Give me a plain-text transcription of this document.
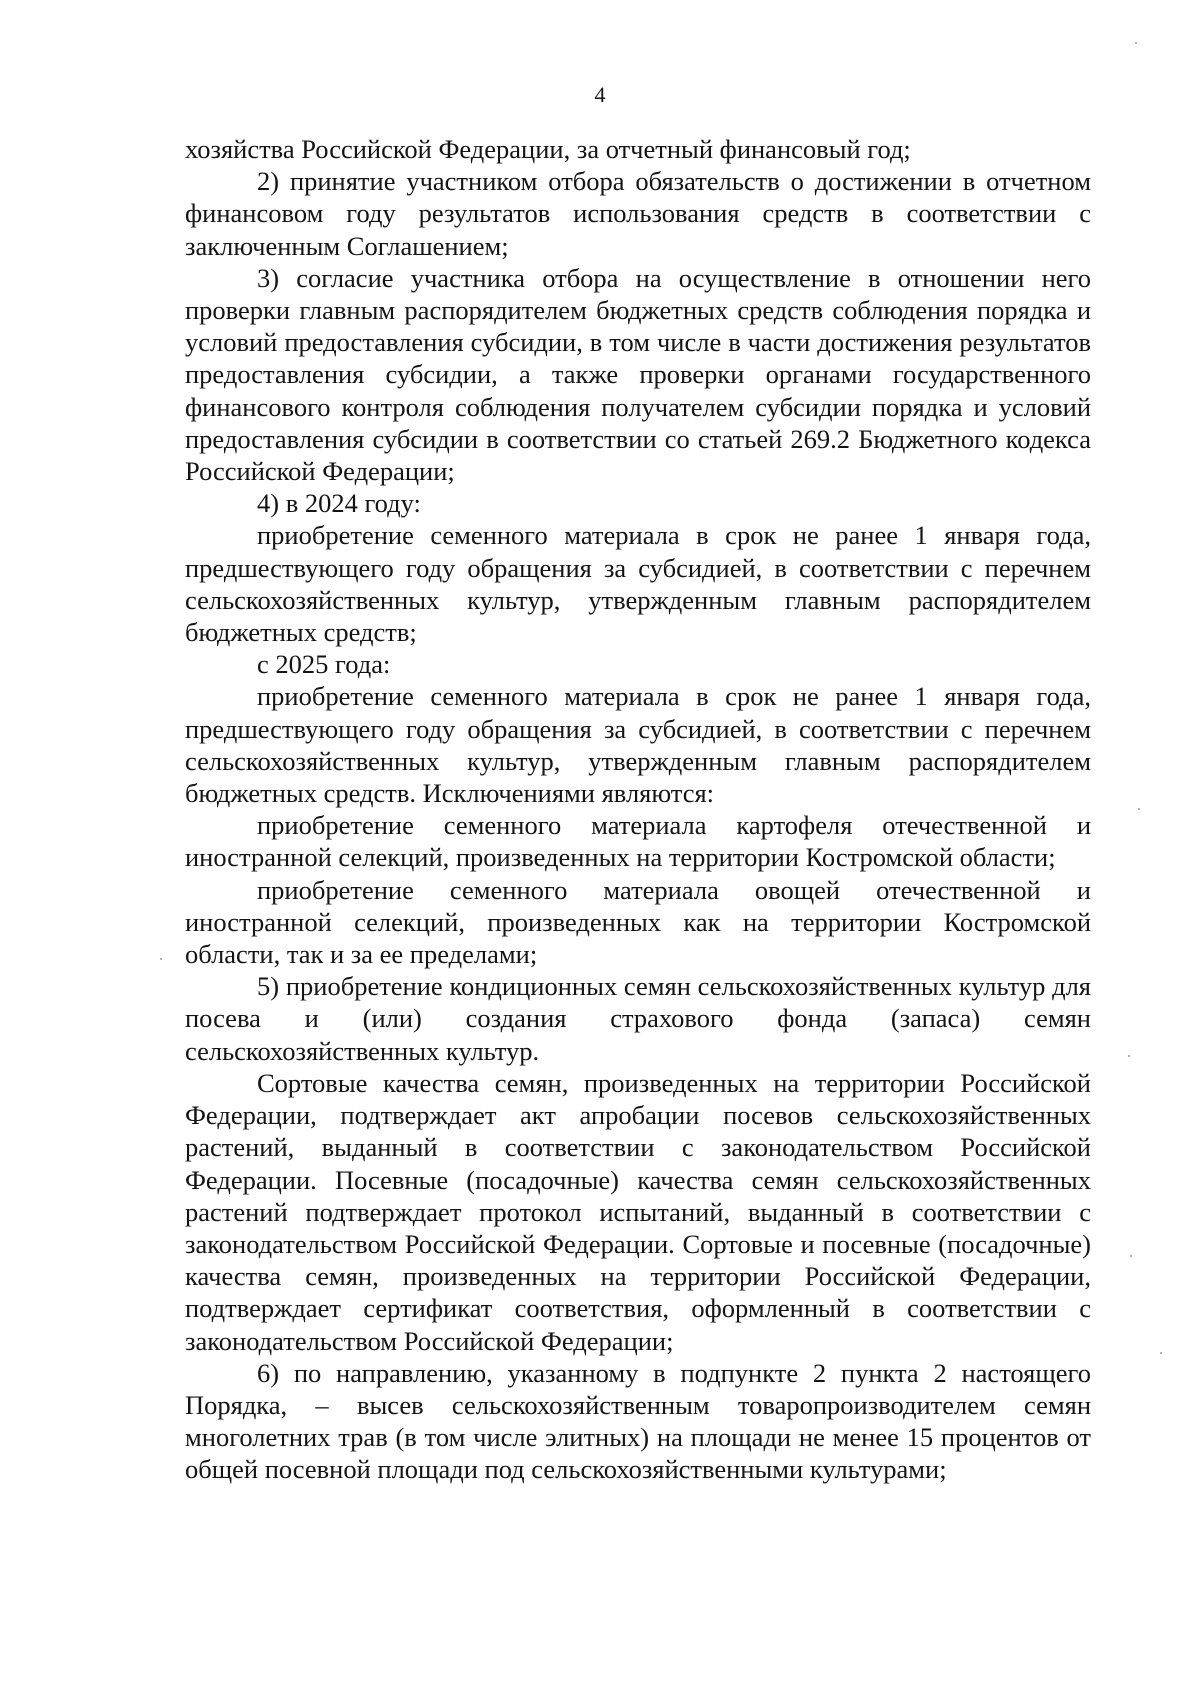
4

хозяйства Российской Федерации, за отчетный финансовый год;

2) принятие участником отбора обязательств о достижении в отчетном финансовом году результатов использования средств в соответствии с заключенным Соглашением;

3) согласие участника отбора на осуществление в отношении него проверки главным распорядителем бюджетных средств соблюдения порядка и условий предоставления субсидии, в том числе в части достижения результатов предоставления субсидии, а также проверки органами государственного финансового контроля соблюдения получателем субсидии порядка и условий предоставления субсидии в соответствии со статьей 269.2 Бюджетного кодекса Российской Федерации;

4) в 2024 году:

приобретение семенного материала в срок не ранее 1 января года, предшествующего году обращения за субсидией, в соответствии с перечнем сельскохозяйственных культур, утвержденным главным распорядителем бюджетных средств;

с 2025 года:

приобретение семенного материала в срок не ранее 1 января года, предшествующего году обращения за субсидией, в соответствии с перечнем сельскохозяйственных культур, утвержденным главным распорядителем бюджетных средств. Исключениями являются:

приобретение семенного материала картофеля отечественной и иностранной селекций, произведенных на территории Костромской области;

приобретение семенного материала овощей отечественной и иностранной селекций, произведенных как на территории Костромской области, так и за ее пределами;

5) приобретение кондиционных семян сельскохозяйственных культур для посева и (или) создания страхового фонда (запаса) семян сельскохозяйственных культур.

Сортовые качества семян, произведенных на территории Российской Федерации, подтверждает акт апробации посевов сельскохозяйственных растений, выданный в соответствии с законодательством Российской Федерации. Посевные (посадочные) качества семян сельскохозяйственных растений подтверждает протокол испытаний, выданный в соответствии с законодательством Российской Федерации. Сортовые и посевные (посадочные) качества семян, произведенных на территории Российской Федерации, подтверждает сертификат соответствия, оформленный в соответствии с законодательством Российской Федерации;

6) по направлению, указанному в подпункте 2 пункта 2 настоящего Порядка, – высев сельскохозяйственным товаропроизводителем семян многолетних трав (в том числе элитных) на площади не менее 15 процентов от общей посевной площади под сельскохозяйственными культурами;
